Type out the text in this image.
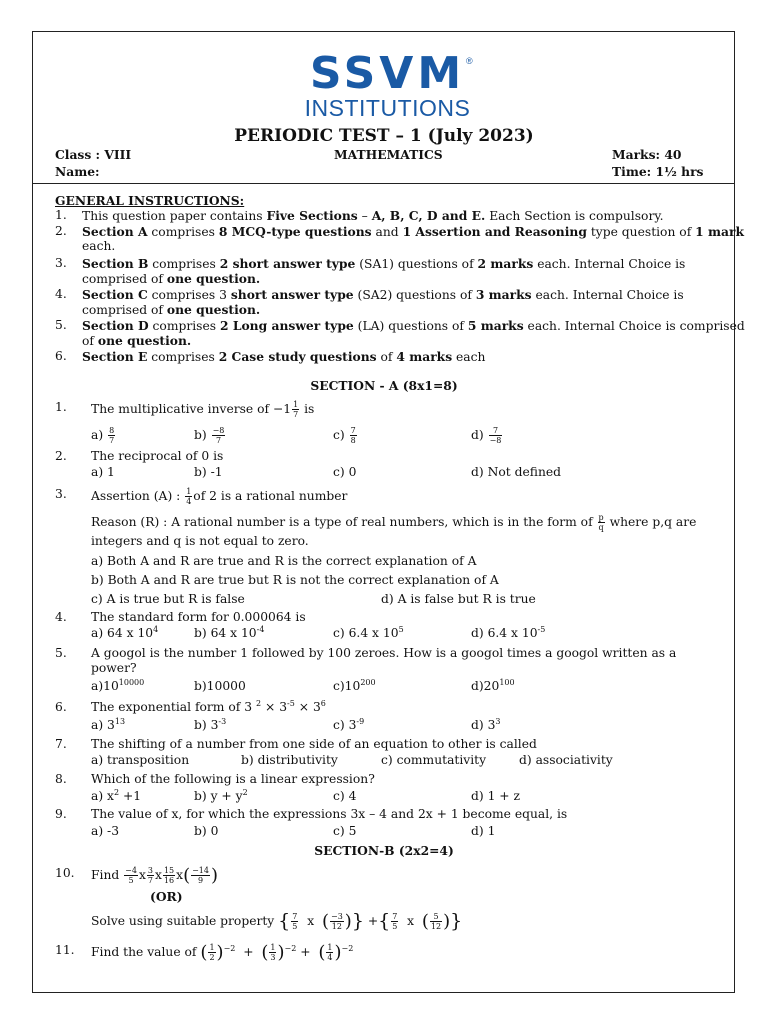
SSVM ®
INSTITUTIONS
PERIODIC TEST – 1 (July 2023)
Class : VIII	MATHEMATICS	Marks: 40
Name:	Time: 1½ hrs
GENERAL INSTRUCTIONS:
1. This question paper contains Five Sections – A, B, C, D and E. Each Section is compulsory.
2. Section A comprises 8 MCQ-type questions and 1 Assertion and Reasoning type question of 1 mark
each.
3. Section B comprises 2 short answer type (SA1) questions of 2 marks each. Internal Choice is
comprised of one question.
4. Section C comprises 3 short answer type (SA2) questions of 3 marks each. Internal Choice is
comprised of one question.
5. Section D comprises 2 Long answer type (LA) questions of 5 marks each. Internal Choice is comprised
of one question.
6. Section E comprises 2 Case study questions of 4 marks each
SECTION - A (8x1=8)
1. The multiplicative inverse of $-1 \frac{1}{7}$ is
$a) \frac{8}{7}$	$b) \frac{-8}{7}$	$c) \frac{7}{8}$	$d) \frac{7}{-8}$
2. The reciprocal of 0 is
a) 1	b) -1	c) 0	d) Not defined
3. Assertion (A) : $\frac{1}{4}$ of 2 is a rational number
Reason (R) : A rational number is a type of real numbers, which is in the form of $\frac{p}{q}$ where p,q are
integers and q is not equal to zero.
a) Both A and R are true and R is the correct explanation of A
b) Both A and R are true but R is not the correct explanation of A
c) A is true but R is false	d) A is false but R is true
4. The standard form for 0.000064 is
a) 64 x $10^4$	b) 64 x $10^{-4}$	c) 6.4 x $10^5$	d) 6.4 x $10^{-5}$
5. A googol is the number 1 followed by 100 zeroes. How is a googol times a googol written as a
power?
$a)10^{10000}$	b)10000	$c)10^{200}$	$d)20^{100}$
6. The exponential form of 3 $^2 \times 3^{-5} \times 3^6$
a) $3^{13}$	b) $3^{-3}$	c) $3^{-9}$	d) $3^3$
7. The shifting of a number from one side of an equation to other is called
a) transposition	b) distributivity	c) commutativity	d) associativity
8. Which of the following is a linear expression?
a) $x^2 +1$	b) $y + y^2$	c) 4	d) 1 + z
9. The value of x, for which the expressions 3x – 4 and 2x + 1 become equal, is
a) -3	b) 0	c) 5	d) 1
SECTION-B (2x2=4)
10. Find $\frac{-4}{5}$ x $\frac{3}{7}$ x $\frac{15}{16} x( \frac{-14}{9}$ )
(OR)
Solve using suitable property { $\frac{7}{5}$ x ( $\frac{-3}{12}$ )} +{ $\frac{7}{5}$ x ( $\frac{5}{12}$ )}
11. Find the value of ( $\frac{1}{2} )^{-2}$ + ( $\frac{1}{3} )^{-2}$ + ( $\frac{1}{4} )^{-2}$
